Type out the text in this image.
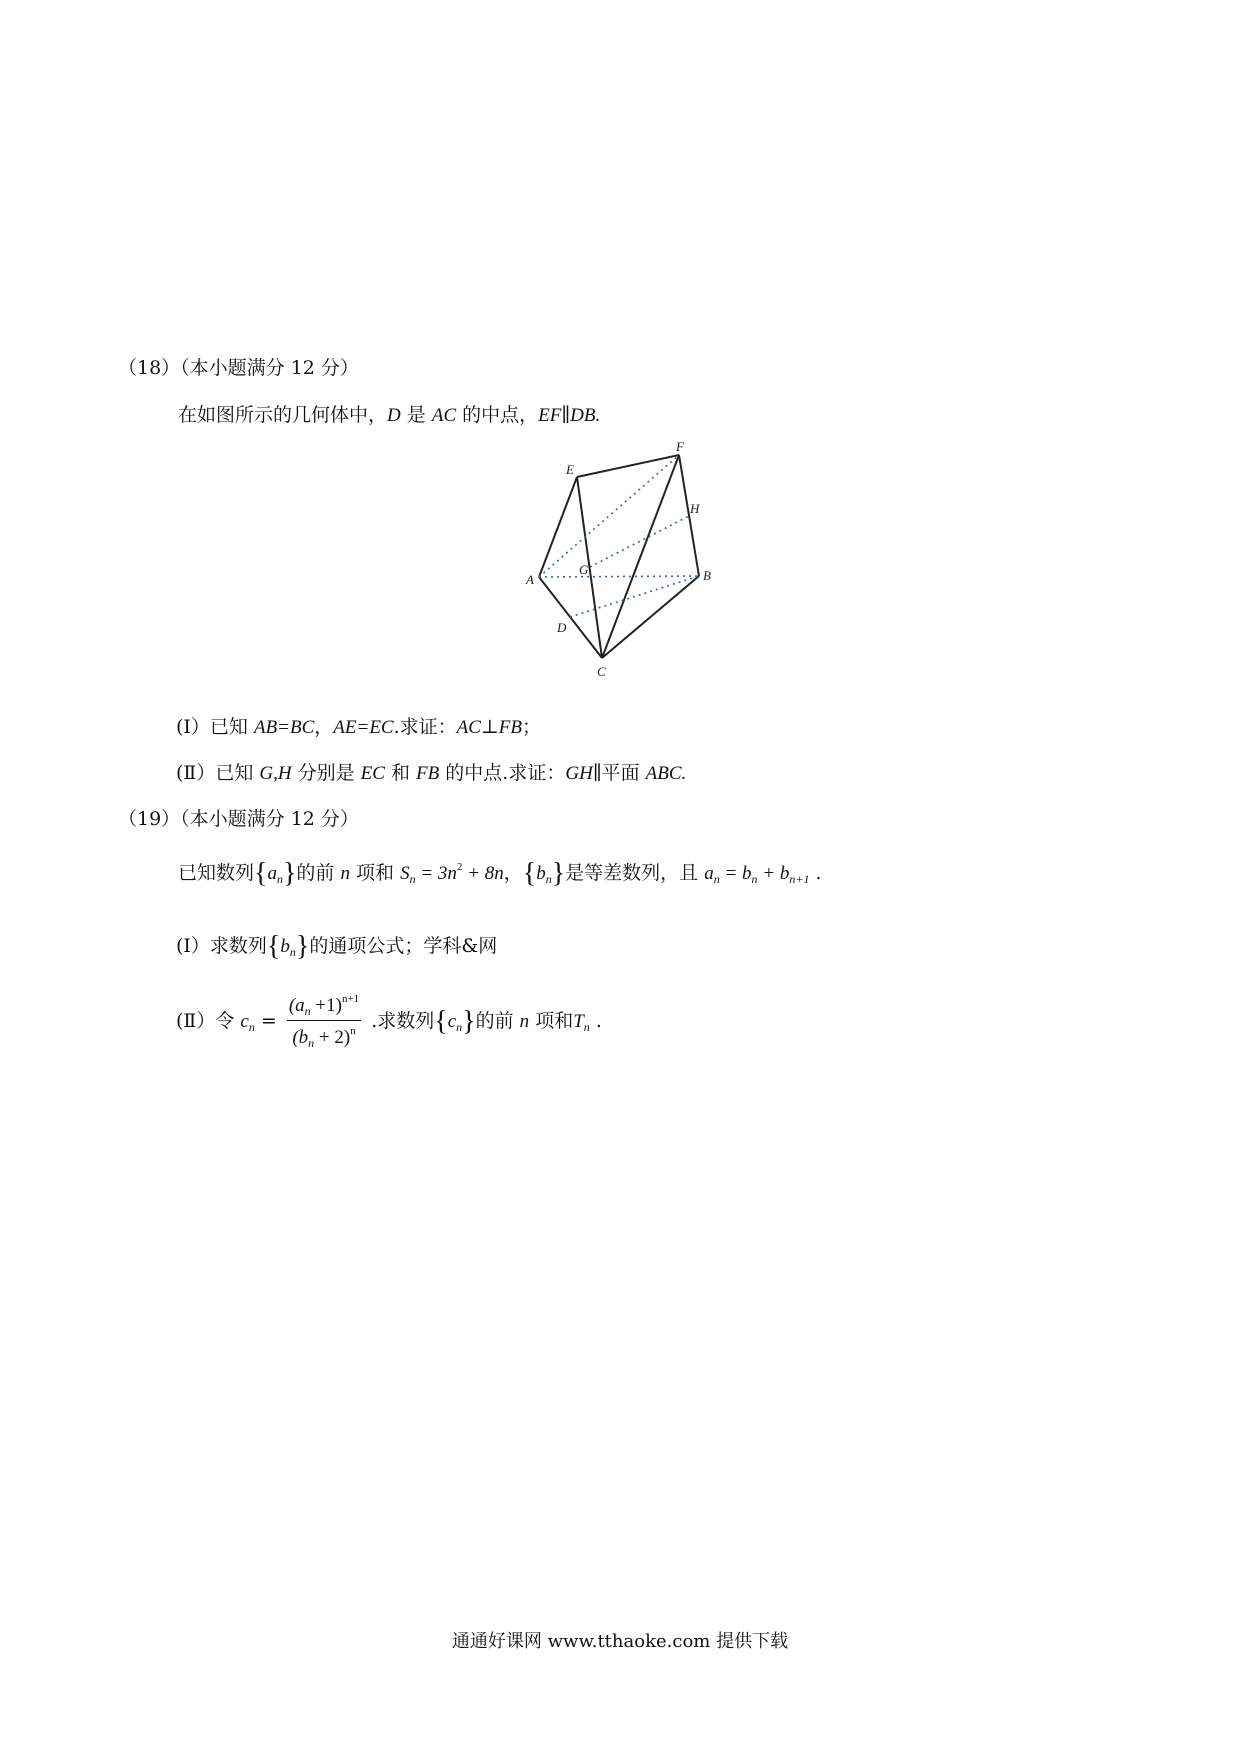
（18）（本小题满分 12 分）
在如图所示的几何体中，D 是 AC 的中点，EF∥DB.
E
F
H
A
G	B
D
C
(I）已知 AB=BC，AE=EC.求证：AC⊥FB；
(Ⅱ）已知 G,H 分别是 EC 和 FB 的中点.求证：GH∥平面 ABC.
（19）（本小题满分 12 分）
已知数列$\{a_n\}$的前 n 项和 $S_n = 3n^2 + 8n$，$\{b_n\}$是等差数列，且 $a_n = b_n + b_{n+1}$ .
(I）求数列$\{b_n\}$的通项公式；学科&网
(Ⅱ）令 $c_n = \frac{(a_n +1)^{n+1}}{(b_n + 2)^n}$ .求数列$\{c_n\}$的前 n 项和$T_n$ .
通通好课网 www.tthaoke.com 提供下载
